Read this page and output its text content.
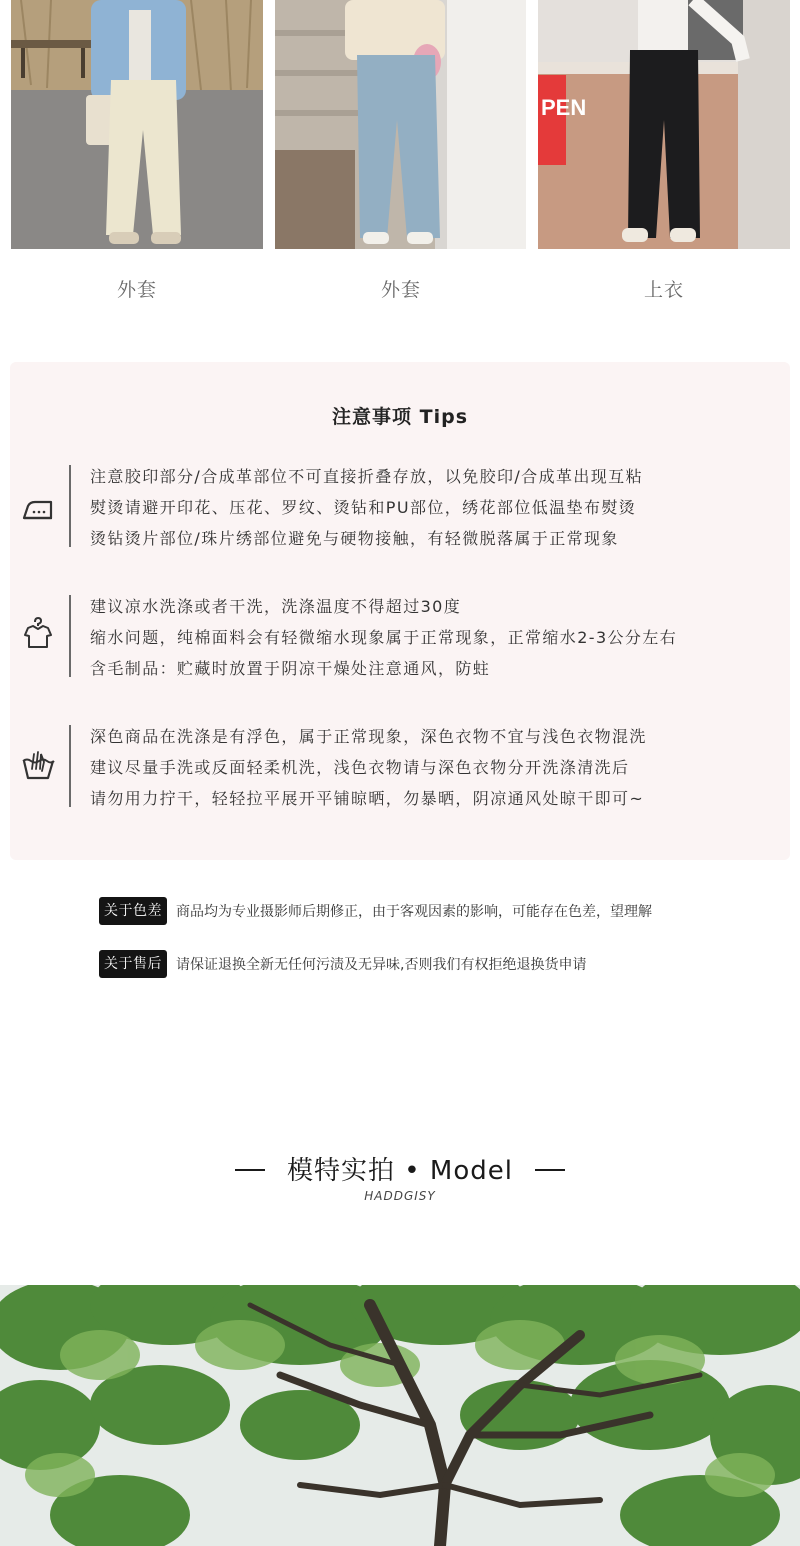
PEN
外套	外套	上衣
注意事项 Tips
注意胶印部分/合成革部位不可直接折叠存放，以免胶印/合成革出现互粘
熨烫请避开印花、压花、罗纹、烫钻和PU部位，绣花部位低温垫布熨烫
烫钻烫片部位/珠片绣部位避免与硬物接触，有轻微脱落属于正常现象
建议凉水洗涤或者干洗，洗涤温度不得超过30度
缩水问题，纯棉面料会有轻微缩水现象属于正常现象，正常缩水2-3公分左右
含毛制品：贮藏时放置于阴凉干燥处注意通风，防蛀
深色商品在洗涤是有浮色，属于正常现象，深色衣物不宜与浅色衣物混洗
建议尽量手洗或反面轻柔机洗，浅色衣物请与深色衣物分开洗涤清洗后
请勿用力拧干，轻轻拉平展开平铺晾晒，勿暴晒，阴凉通风处晾干即可~
关于色差	商品均为专业摄影师后期修正，由于客观因素的影响，可能存在色差，望理解
关于售后	请保证退换全新无任何污渍及无异味,否则我们有权拒绝退换货申请
模特实拍 • Model
HADDGISY
